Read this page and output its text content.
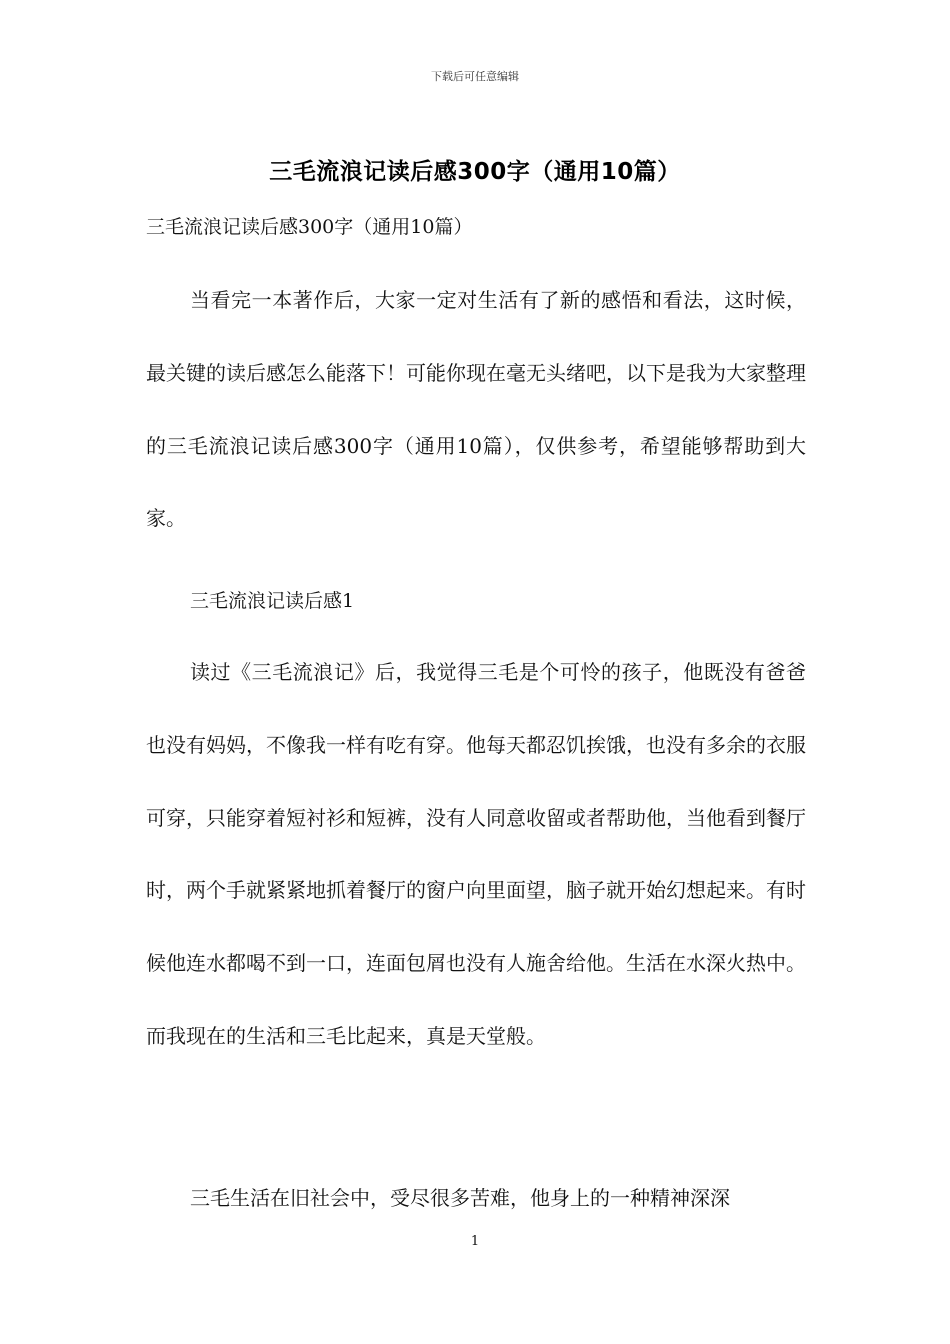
下载后可任意编辑
三毛流浪记读后感300字（通用10篇）
三毛流浪记读后感300字（通用10篇）
当看完一本著作后，大家一定对生活有了新的感悟和看法，这时候，最关键的读后感怎么能落下！可能你现在毫无头绪吧，以下是我为大家整理的三毛流浪记读后感300字（通用10篇），仅供参考，希望能够帮助到大家。
三毛流浪记读后感1
读过《三毛流浪记》后，我觉得三毛是个可怜的孩子，他既没有爸爸也没有妈妈，不像我一样有吃有穿。他每天都忍饥挨饿，也没有多余的衣服可穿，只能穿着短衬衫和短裤，没有人同意收留或者帮助他，当他看到餐厅时，两个手就紧紧地抓着餐厅的窗户向里面望，脑子就开始幻想起来。有时候他连水都喝不到一口，连面包屑也没有人施舍给他。生活在水深火热中。而我现在的生活和三毛比起来，真是天堂般。
三毛生活在旧社会中，受尽很多苦难，他身上的一种精神深深
1
